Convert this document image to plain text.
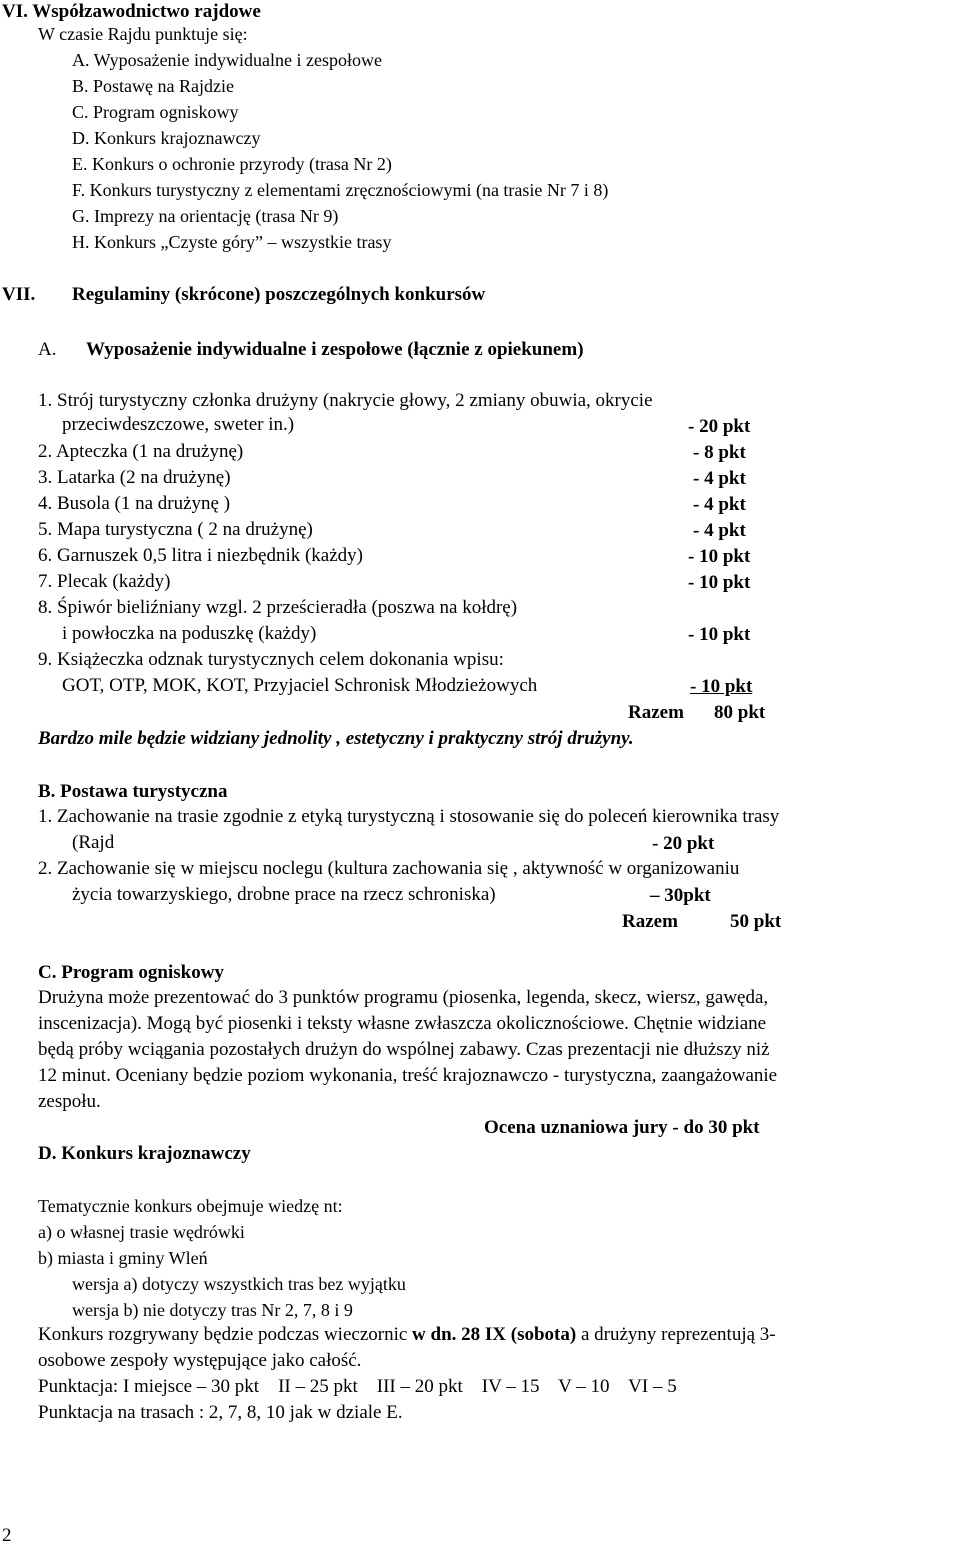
VI. Współzawodnictwo rajdowe
W czasie Rajdu punktuje się:
A. Wyposażenie indywidualne i zespołowe
B. Postawę na Rajdzie
C. Program ogniskowy
D. Konkurs krajoznawczy
E. Konkurs o ochronie przyrody (trasa Nr 2)
F. Konkurs turystyczny z elementami zręcznościowymi (na trasie Nr 7 i 8)
G. Imprezy na orientację (trasa Nr 9)
H. Konkurs „Czyste góry” – wszystkie trasy
VII. Regulaminy (skrócone) poszczególnych konkursów
A. Wyposażenie indywidualne i zespołowe (łącznie z opiekunem)
1. Strój turystyczny członka drużyny (nakrycie głowy, 2 zmiany obuwia, okrycie
przeciwdeszczowe, sweter in.)	- 20 pkt
2. Apteczka (1 na drużynę)	- 8 pkt
3. Latarka (2 na drużynę)	- 4 pkt
4. Busola (1 na drużynę )	- 4 pkt
5. Mapa turystyczna ( 2 na drużynę)	- 4 pkt
6. Garnuszek 0,5 litra i niezbędnik (każdy)	- 10 pkt
7. Plecak (każdy)	- 10 pkt
8. Śpiwór bieliźniany wzgl. 2 prześcieradła (poszwa na kołdrę)
i powłoczka na poduszkę (każdy)	- 10 pkt
9. Książeczka odznak turystycznych celem dokonania wpisu:
GOT, OTP, MOK, KOT, Przyjaciel Schronisk Młodzieżowych	- 10 pkt
Razem 80 pkt
Bardzo mile będzie widziany jednolity , estetyczny i praktyczny strój drużyny.
B. Postawa turystyczna
1. Zachowanie na trasie zgodnie z etyką turystyczną i stosowanie się do poleceń kierownika trasy
(Rajd	- 20 pkt
2. Zachowanie się w miejscu noclegu (kultura zachowania się , aktywność w organizowaniu
życia towarzyskiego, drobne prace na rzecz schroniska)	– 30pkt
Razem	50 pkt
C. Program ogniskowy
Drużyna może prezentować do 3 punktów programu (piosenka, legenda, skecz, wiersz, gawęda,
inscenizacja). Mogą być piosenki i teksty własne zwłaszcza okolicznościowe. Chętnie widziane
będą próby wciągania pozostałych drużyn do wspólnej zabawy. Czas prezentacji nie dłuższy niż
12 minut. Oceniany będzie poziom wykonania, treść krajoznawczo - turystyczna, zaangażowanie
zespołu.
Ocena uznaniowa jury - do 30 pkt
D. Konkurs krajoznawczy
Tematycznie konkurs obejmuje wiedzę nt:
a) o własnej trasie wędrówki
b) miasta i gminy Wleń
wersja a) dotyczy wszystkich tras bez wyjątku
wersja b) nie dotyczy tras Nr 2, 7, 8 i 9
Konkurs rozgrywany będzie podczas wieczornic w dn. 28 IX (sobota) a drużyny reprezentują 3-
osobowe zespoły występujące jako całość.
Punktacja: I miejsce – 30 pkt    II – 25 pkt    III – 20 pkt    IV – 15    V – 10    VI – 5
Punktacja na trasach : 2, 7, 8, 10 jak w dziale E.
2
